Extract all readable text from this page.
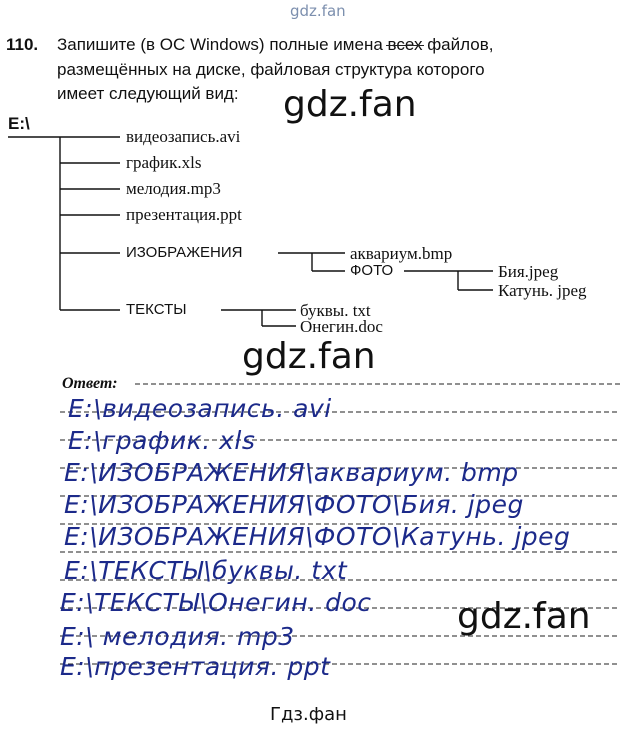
gdz.fan
gdz.fan
gdz.fan
gdz.fan
110. Запишите (в ОС Windows) полные имена всех файлов,
размещённых на диске, файловая структура которого
имеет следующий вид:
E:\
видеозапись.avi
график.xls
мелодия.mp3
презентация.ppt
ИЗОБРАЖЕНИЯ	аквариум.bmp
ФОТО	Бия.jpeg
Катунь. jpeg
ТЕКСТЫ	буквы. txt
Онегин.doc
Ответ:
E:\видеозапись. avi
E:\график. xls
E:\ИЗОБРАЖЕНИЯ\аквариум. bmp
E:\ИЗОБРАЖЕНИЯ\ФОТО\Бия. jpeg
E:\ИЗОБРАЖЕНИЯ\ФОТО\Катунь. jpeg
E:\ТЕКСТЫ\буквы. txt
E:\ТЕКСТЫ\Онегин. doc
E:\ мелодия. mp3
E:\презентация. ppt
Гдз.фан
